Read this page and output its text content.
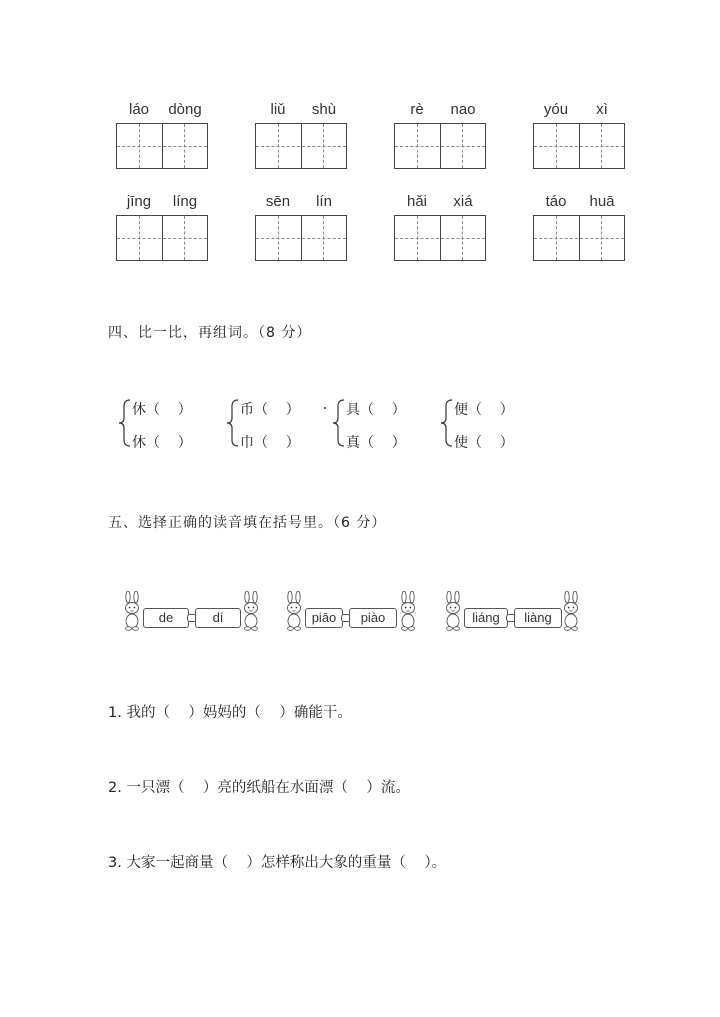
láo	dòng	liǔ	shù	rè	nao	yóu	xì
jīng	líng	sēn	lín	hǎi	xiá	táo	huā
四、比一比，再组词。（8 分）
休（    ）
休（    ）
币（    ）
巾（    ）
具（    ）
真（    ）
便（    ）
使（    ）
五、选择正确的读音填在括号里。（6 分）
de	dí	piāo	piào	liáng	liàng
1. 我的（    ）妈妈的（    ）确能干。
2. 一只漂（    ）亮的纸船在水面漂（    ）流。
3. 大家一起商量（    ）怎样称出大象的重量（    ）。
